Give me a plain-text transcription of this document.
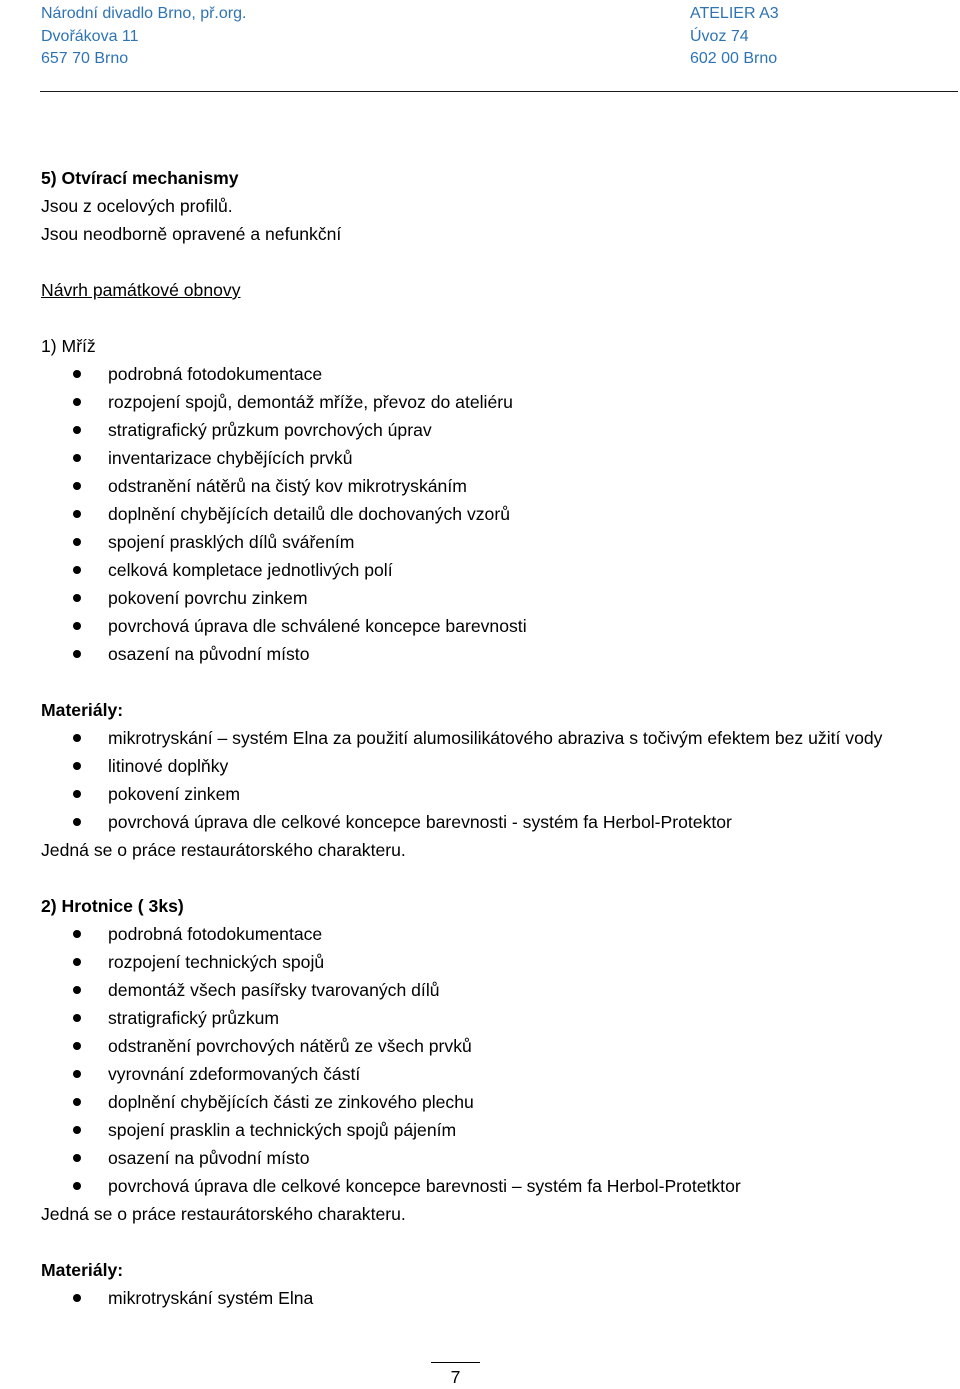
Národní divadlo Brno, př.org.
Dvořákova 11
657 70 Brno
ATELIER A3
Úvoz 74
602 00 Brno
5) Otvírací mechanismy
Jsou z ocelových profilů.
Jsou neodborně opravené a nefunkční
Návrh památkové obnovy
1) Mříž
podrobná fotodokumentace
rozpojení spojů, demontáž mříže, převoz do ateliéru
stratigrafický průzkum povrchových úprav
inventarizace chybějících prvků
odstranění nátěrů na čistý kov mikrotryskáním
doplnění chybějících detailů dle dochovaných vzorů
spojení prasklých dílů svářením
celková kompletace jednotlivých polí
pokovení povrchu zinkem
povrchová úprava dle schválené koncepce barevnosti
osazení na původní místo
Materiály:
mikrotryskání – systém Elna za použití alumosilikátového abraziva s točivým efektem bez užití vody
litinové doplňky
pokovení zinkem
povrchová úprava dle celkové koncepce barevnosti - systém fa Herbol-Protektor
Jedná se o práce restaurátorského charakteru.
2) Hrotnice ( 3ks)
podrobná fotodokumentace
rozpojení technických spojů
demontáž všech pasířsky tvarovaných dílů
stratigrafický průzkum
odstranění povrchových nátěrů ze všech prvků
vyrovnání zdeformovaných částí
doplnění chybějících části ze zinkového plechu
spojení prasklin a technických spojů pájením
osazení na původní místo
povrchová úprava dle celkové koncepce barevnosti – systém fa Herbol-Protetktor
Jedná se o práce restaurátorského charakteru.
Materiály:
mikrotryskání systém Elna
7
